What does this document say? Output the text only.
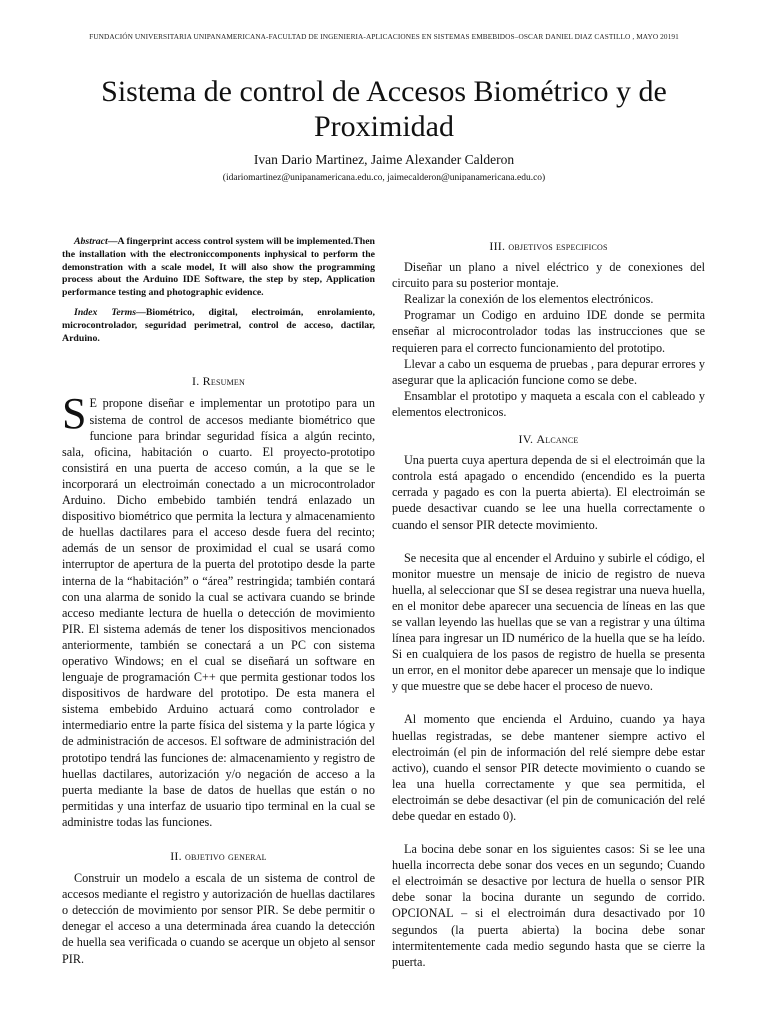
FUNDACIÓN UNIVERSITARIA UNIPANAMERICANA-FACULTAD DE INGENIERIA-APLICACIONES EN SISTEMAS EMBEBIDOS–OSCAR DANIEL DIAZ CASTILLO , MAYO 20191
Sistema de control de Accesos Biométrico y de Proximidad
Ivan Dario Martinez, Jaime Alexander Calderon
(idariomartinez@unipanamericana.edu.co, jaimecalderon@unipanamericana.edu.co)

Abstract—A fingerprint access control system will be implemented.Then the installation with the electroniccomponents inphysical to perform the demonstration with a scale model, It will also show the programming process about the Arduino IDE Software, the step by step, Application performance testing and photographic evidence.

Index Terms—Biométrico, digital, electroimán, enrolamiento, microcontrolador, seguridad perimetral, control de acceso, dactilar, Arduino.

I. Resumen

S E propone diseñar e implementar un prototipo para un sistema de control de accesos mediante biométrico que funcione para brindar seguridad física a algún recinto, sala, oficina, habitación o cuarto. El proyecto-prototipo consistirá en una puerta de acceso común, a la que se le incorporará un electroimán conectado a un microcontrolador Arduino. Dicho embebido también tendrá enlazado un dispositivo biométrico que permita la lectura y almacenamiento de huellas dactilares para el acceso desde fuera del recinto; además de un sensor de proximidad el cual se usará como interruptor de apertura de la puerta del prototipo desde la parte interna de la “habitación” o “área” restringida; también contará con una alarma de sonido la cual se activara cuando se brinde acceso mediante lectura de huella o detección de movimiento PIR. El sistema además de tener los dispositivos mencionados anteriormente, también se conectará a un PC con sistema operativo Windows; en el cual se diseñará un software en lenguaje de programación C++ que permita gestionar todos los dispositivos de hardware del prototipo. De esta manera el sistema embebido Arduino actuará como controlador e intermediario entre la parte física del sistema y la parte lógica y de administración de accesos. El software de administración del prototipo tendrá las funciones de: almacenamiento y registro de huellas dactilares, autorización y/o negación de acceso a la puerta mediante la base de datos de huellas que están o no permitidas y una interfaz de usuario tipo terminal en la cual se administre todas las funciones.

II. objetivo general

Construir un modelo a escala de un sistema de control de accesos mediante el registro y autorización de huellas dactilares o detección de movimiento por sensor PIR. Se debe permitir o denegar el acceso a una determinada área cuando la detección de huella sea verificada o cuando se acerque un objeto al sensor PIR.

III. objetivos especificos

Diseñar un plano a nivel eléctrico y de conexiones del circuito para su posterior montaje.

Realizar la conexión de los elementos electrónicos.

Programar un Codigo en arduino IDE donde se permita enseñar al microcontrolador todas las instrucciones que se requieren para el correcto funcionamiento del prototipo.

Llevar a cabo un esquema de pruebas , para depurar errores y asegurar que la aplicación funcione como se debe.

Ensamblar el prototipo y maqueta a escala con el cableado y elementos electronicos.

IV. Alcance

Una puerta cuya apertura dependa de si el electroimán que la controla está apagado o encendido (encendido es la puerta cerrada y pagado es con la puerta abierta). El electroimán se puede desactivar cuando se lee una huella correctamente o cuando el sensor PIR detecte movimiento.

Se necesita que al encender el Arduino y subirle el código, el monitor muestre un mensaje de inicio de registro de nueva huella, al seleccionar que SI se desea registrar una nueva huella, en el monitor debe aparecer una secuencia de líneas en las que se vallan leyendo las huellas que se van a registrar y una última línea para ingresar un ID numérico de la huella que se ha leído. Si en cualquiera de los pasos de registro de huella se presenta un error, en el monitor debe aparecer un mensaje que lo indique y que muestre que se debe hacer el proceso de nuevo.

Al momento que encienda el Arduino, cuando ya haya huellas registradas, se debe mantener siempre activo el electroimán (el pin de información del relé siempre debe estar activo), cuando el sensor PIR detecte movimiento o cuando se lea una huella correctamente y que sea permitida, el electroimán se debe desactivar (el pin de comunicación del relé debe quedar en estado 0).

La bocina debe sonar en los siguientes casos: Si se lee una huella incorrecta debe sonar dos veces en un segundo; Cuando el electroimán se desactive por lectura de huella o sensor PIR debe sonar la bocina durante un segundo de corrido. OPCIONAL – si el electroimán dura desactivado por 10 segundos (la puerta abierta) la bocina debe sonar intermitentemente cada medio segundo hasta que se cierre la puerta.
